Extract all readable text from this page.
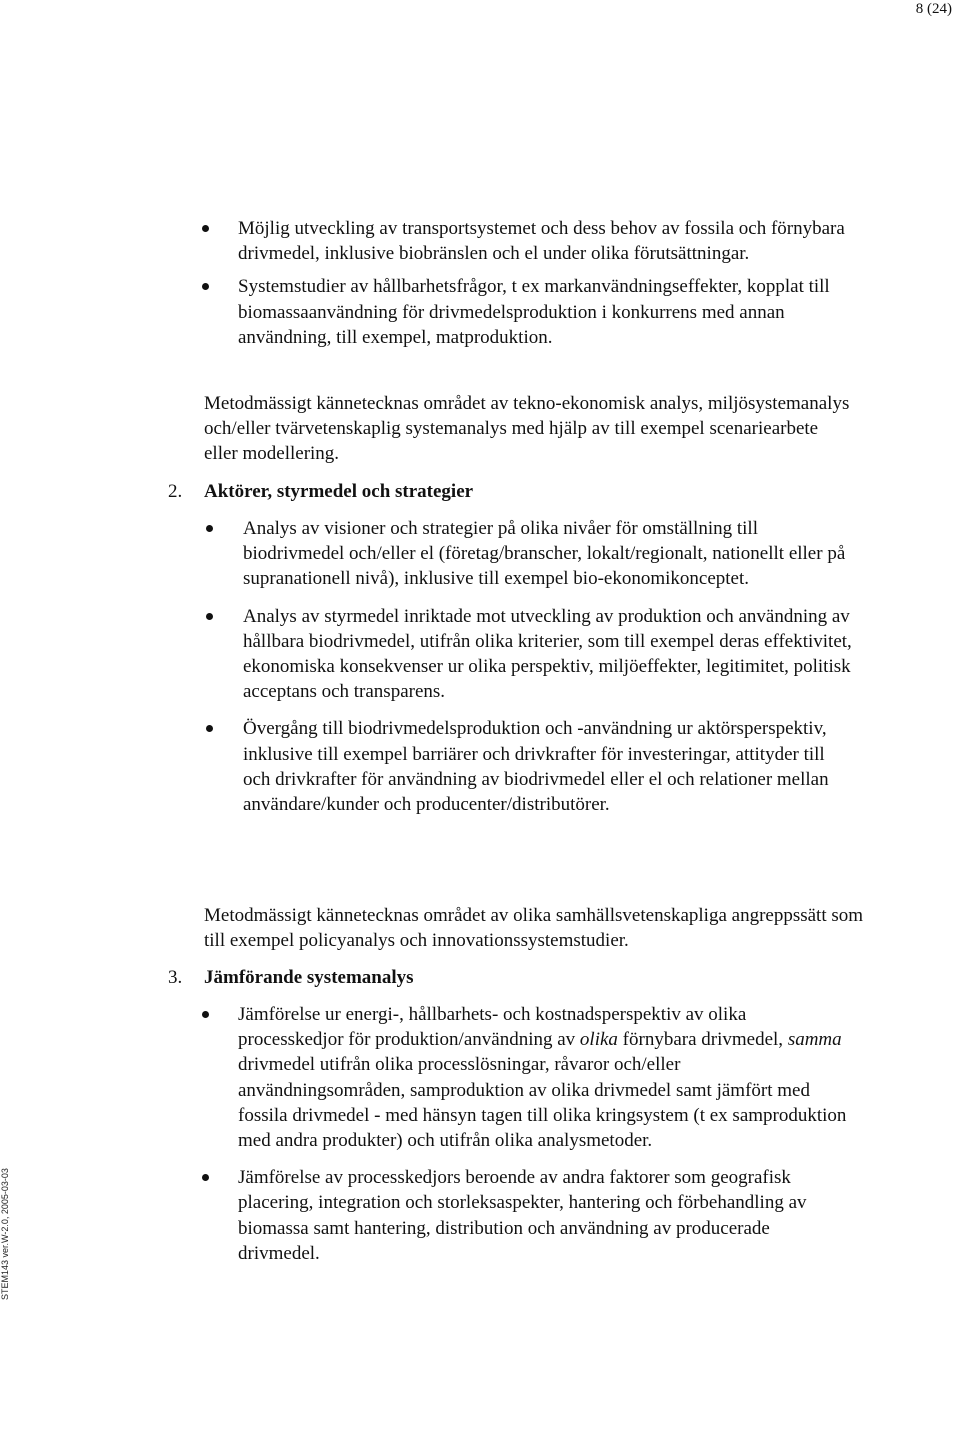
8 (24)
STEM143 ver.W-2.0, 2005-03-03
Möjlig utveckling av transportsystemet och dess behov av fossila och förnybara drivmedel, inklusive biobränslen och el under olika förutsättningar.
Systemstudier av hållbarhetsfrågor, t ex markanvändningseffekter, kopplat till biomassaanvändning för drivmedelsproduktion i konkurrens med annan användning, till exempel, matproduktion.

Metodmässigt kännetecknas området av tekno-ekonomisk analys, miljösystemanalys och/eller tvärvetenskaplig systemanalys med hjälp av till exempel scenariearbete eller modellering.

2. Aktörer, styrmedel och strategier
Analys av visioner och strategier på olika nivåer för omställning till biodrivmedel och/eller el (företag/branscher, lokalt/regionalt, nationellt eller på supranationell nivå), inklusive till exempel bio-ekonomikonceptet.
Analys av styrmedel inriktade mot utveckling av produktion och användning av hållbara biodrivmedel, utifrån olika kriterier, som till exempel deras effektivitet, ekonomiska konsekvenser ur olika perspektiv, miljöeffekter, legitimitet, politisk acceptans och transparens.
Övergång till biodrivmedelsproduktion och -användning ur aktörsperspektiv, inklusive till exempel barriärer och drivkrafter för investeringar, attityder till och drivkrafter för användning av biodrivmedel eller el och relationer mellan användare/kunder och producenter/distributörer.

Metodmässigt kännetecknas området av olika samhällsvetenskapliga angreppssätt som till exempel policyanalys och innovationssystemstudier.

3. Jämförande systemanalys
Jämförelse ur energi-, hållbarhets- och kostnadsperspektiv av olika processkedjor för produktion/användning av olika förnybara drivmedel, samma drivmedel utifrån olika processlösningar, råvaror och/eller användningsområden, samproduktion av olika drivmedel samt jämfört med fossila drivmedel - med hänsyn tagen till olika kringsystem (t ex samproduktion med andra produkter) och utifrån olika analysmetoder.
Jämförelse av processkedjors beroende av andra faktorer som geografisk placering, integration och storleksaspekter, hantering och förbehandling av biomassa samt hantering, distribution och användning av producerade drivmedel.
